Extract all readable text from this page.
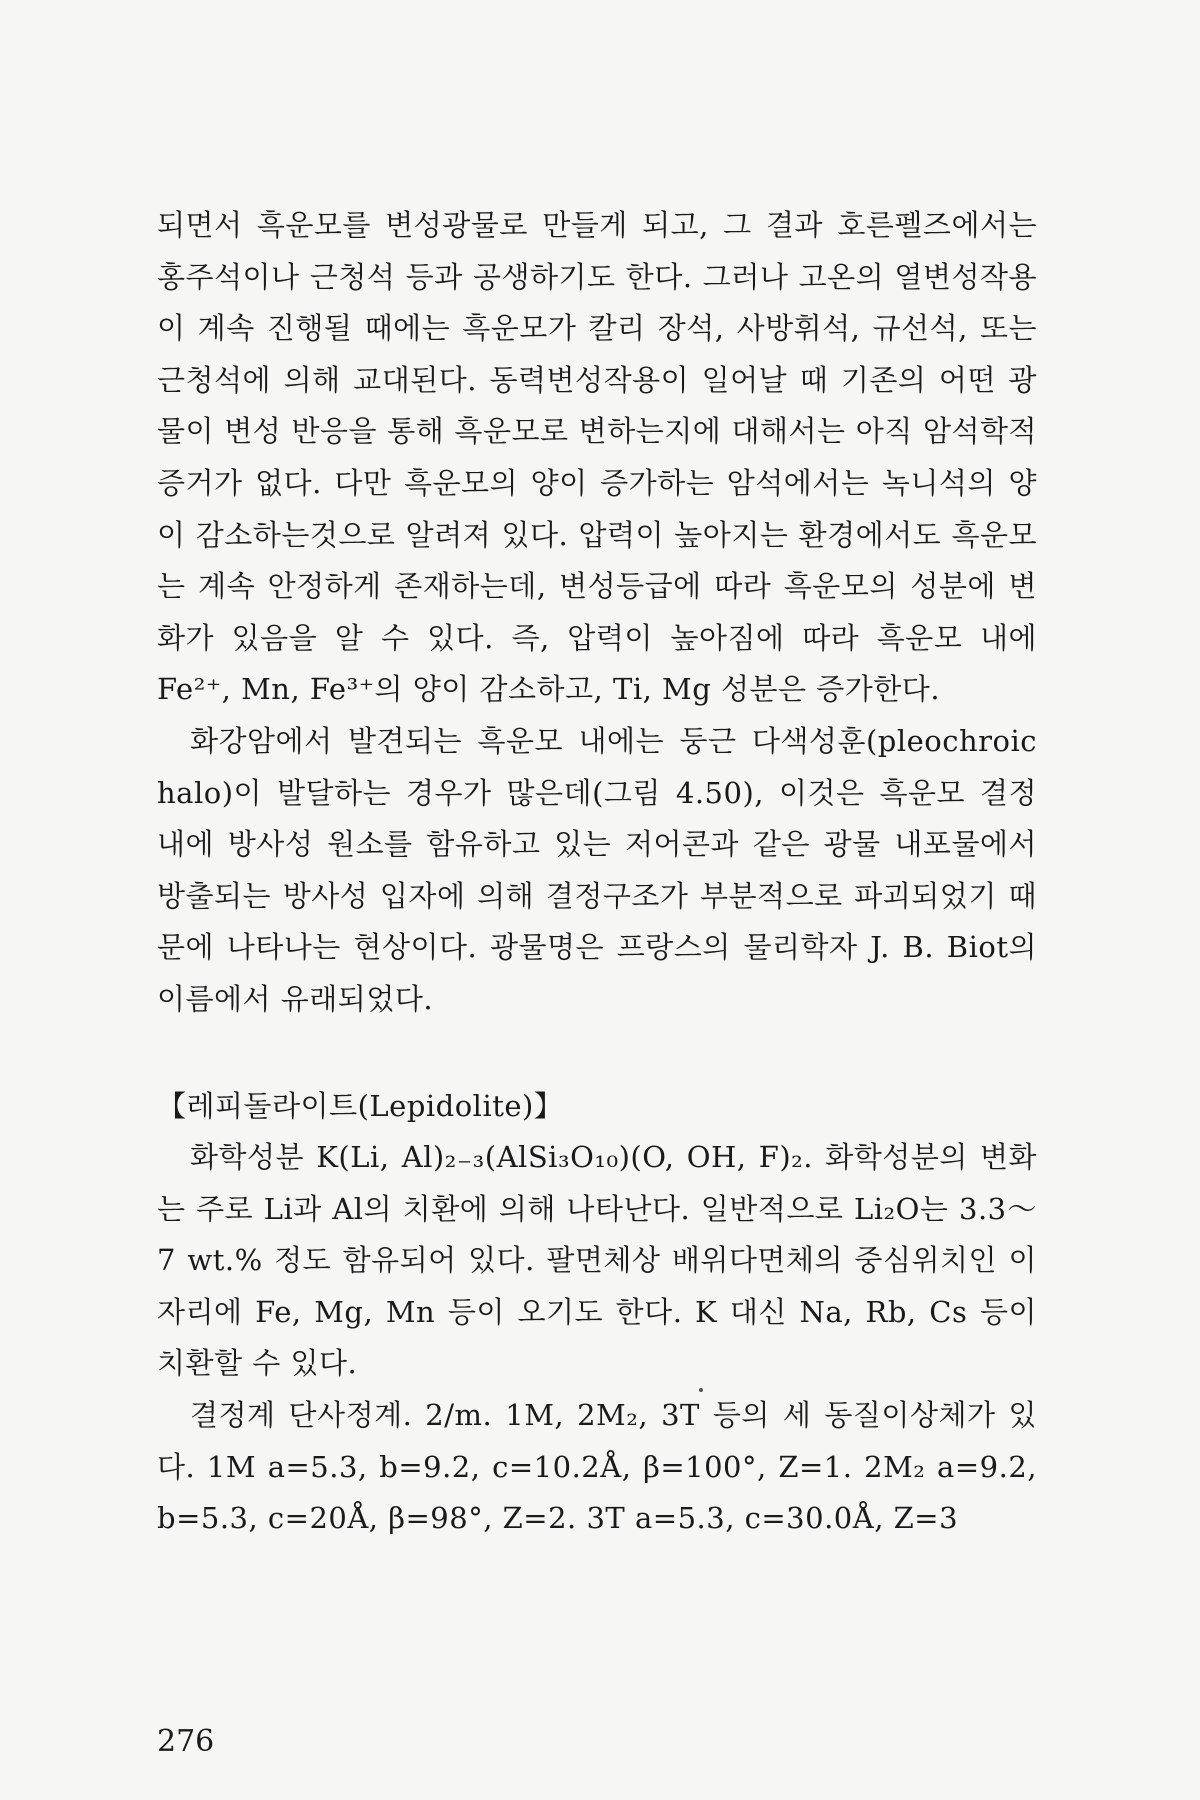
되면서 흑운모를 변성광물로 만들게 되고, 그 결과 호른펠즈에서는 홍주석이나 근청석 등과 공생하기도 한다. 그러나 고온의 열변성작용이 계속 진행될 때에는 흑운모가 칼리 장석, 사방휘석, 규선석, 또는 근청석에 의해 교대된다. 동력변성작용이 일어날 때 기존의 어떤 광물이 변성 반응을 통해 흑운모로 변하는지에 대해서는 아직 암석학적 증거가 없다. 다만 흑운모의 양이 증가하는 암석에서는 녹니석의 양이 감소하는것으로 알려져 있다. 압력이 높아지는 환경에서도 흑운모는 계속 안정하게 존재하는데, 변성등급에 따라 흑운모의 성분에 변화가 있음을 알 수 있다. 즉, 압력이 높아짐에 따라 흑운모 내에 Fe²⁺, Mn, Fe³⁺의 양이 감소하고, Ti, Mg 성분은 증가한다.

화강암에서 발견되는 흑운모 내에는 둥근 다색성훈(pleochroic halo)이 발달하는 경우가 많은데(그림 4.50), 이것은 흑운모 결정 내에 방사성 원소를 함유하고 있는 저어콘과 같은 광물 내포물에서 방출되는 방사성 입자에 의해 결정구조가 부분적으로 파괴되었기 때문에 나타나는 현상이다. 광물명은 프랑스의 물리학자 J. B. Biot의 이름에서 유래되었다.

【레피돌라이트(Lepidolite)】

화학성분 K(Li, Al)₂₋₃(AlSi₃O₁₀)(O, OH, F)₂. 화학성분의 변화는 주로 Li과 Al의 치환에 의해 나타난다. 일반적으로 Li₂O는 3.3～7 wt.% 정도 함유되어 있다. 팔면체상 배위다면체의 중심위치인 이 자리에 Fe, Mg, Mn 등이 오기도 한다. K 대신 Na, Rb, Cs 등이 치환할 수 있다.

결정계 단사정계. 2/m. 1M, 2M₂, 3T 등의 세 동질이상체가 있다. 1M a=5.3, b=9.2, c=10.2Å, β=100°, Z=1. 2M₂ a=9.2, b=5.3, c=20Å, β=98°, Z=2. 3T a=5.3, c=30.0Å, Z=3

276
